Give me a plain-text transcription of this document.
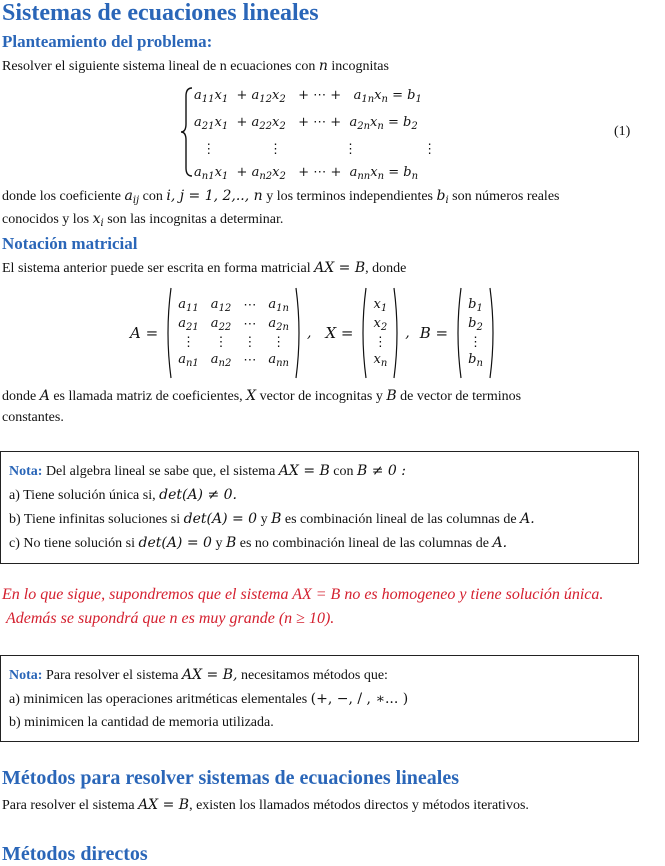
Sistemas de ecuaciones lineales
Planteamiento del problema:
Resolver el siguiente sistema lineal de n ecuaciones con n incognitas
$a_{11}x_1 + a_{12}x_2$ + ⋯ +   $a_{1n}x_n = b_1$
$a_{21}x_1 + a_{22}x_2$ + ⋯ +  $a_{2n}x_n = b_2$
⋮             ⋮               ⋮                ⋮
$a_{n1}x_1 + a_{n2}x_2$ + ⋯ +  $a_{nn}x_n = b_n$
(1)
donde los coeficiente $a_{ij}$ con i, j = 1, 2,.., n y los terminos independientes $b_i$ son números reales
conocidos y los $x_i$ son las incognitas a determinar.
Notación matricial
El sistema anterior puede ser escrita en forma matricial AX = B, donde
A =
$a_{11}$	$a_{12}$	⋯	$a_{1n}$
$a_{21}$	$a_{22}$	⋯	$a_{2n}$
⋮	⋮	⋮	⋮
$a_{n1}$	$a_{n2}$	⋯	$a_{nn}$
, X =
$x_1$
$x_2$
⋮
$x_n$
, B =
$b_1$
$b_2$
⋮
$b_n$
donde A es llamada matriz de coeficientes, X vector de incognitas y B de vector de terminos
constantes.
Nota: Del algebra lineal se sabe que, el sistema AX = B con B ≠ 0 :
a) Tiene solución única si, det(A) ≠ 0.
b) Tiene infinitas soluciones si det(A) = 0 y B es combinación lineal de las columnas de A.
c) No tiene solución si det(A) = 0 y B es no combinación lineal de las columnas de A.
En lo que sigue, supondremos que el sistema AX = B no es homogeneo y tiene solución única.
Además se supondrá que n es muy grande (n ≥ 10).
Nota: Para resolver el sistema AX = B, necesitamos métodos que:
a) minimicen las operaciones aritméticas elementales (+, −, / , ∗... )
b) minimicen la cantidad de memoria utilizada.
Métodos para resolver sistemas de ecuaciones lineales
Para resolver el sistema AX = B, existen los llamados métodos directos y métodos iterativos.
Métodos directos
